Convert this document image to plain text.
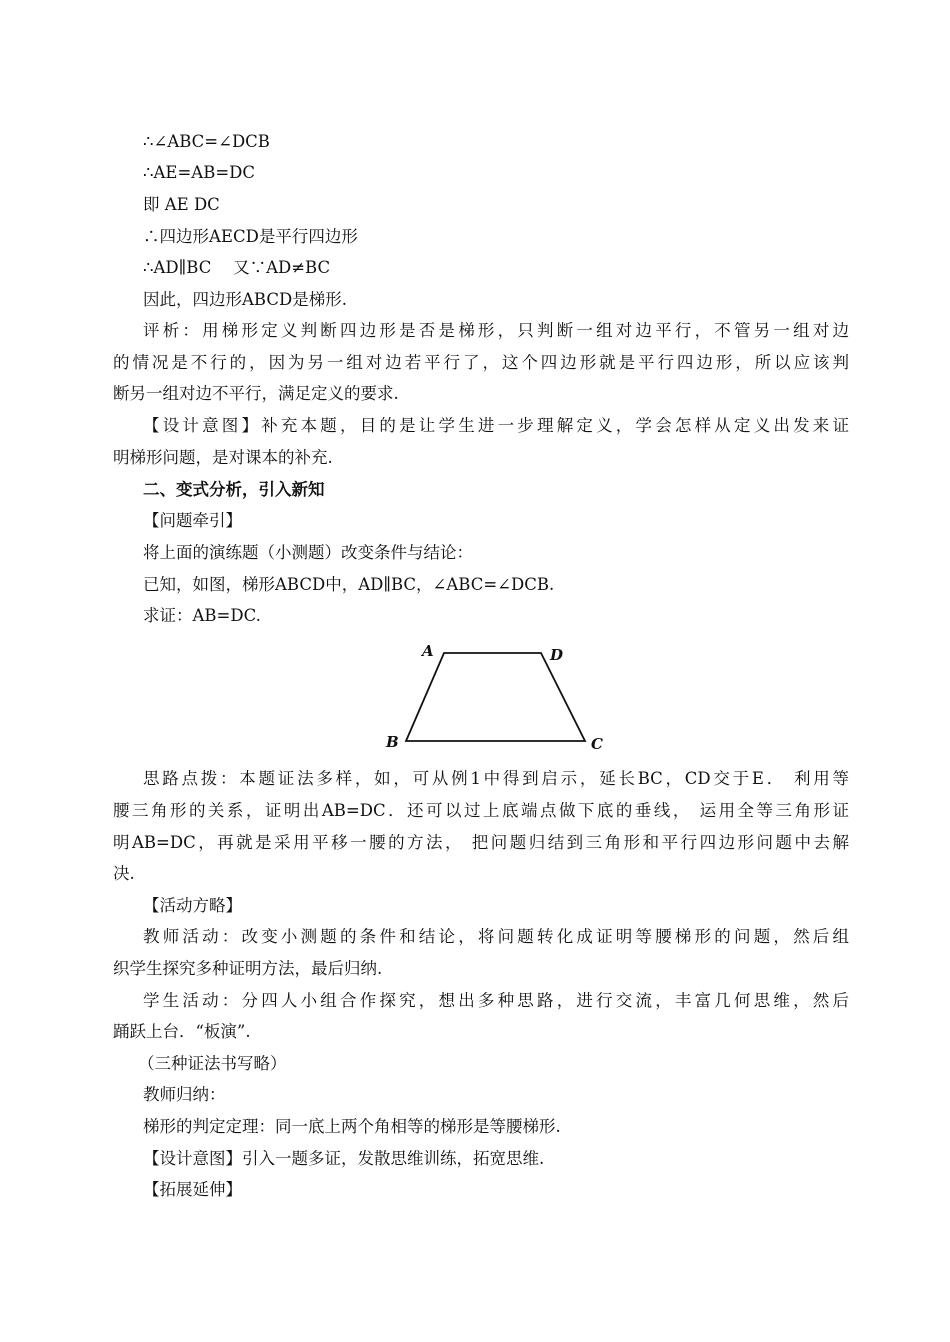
∴∠ABC=∠DCB
∴AE=AB=DC
即 AE DC
∴四边形AECD是平行四边形
∴AD∥BC　 又∵AD≠BC
因此，四边形ABCD是梯形.
评析：用梯形定义判断四边形是否是梯形，只判断一组对边平行，不管另一组对边
的情况是不行的，因为另一组对边若平行了，这个四边形就是平行四边形，所以应该判
断另一组对边不平行，满足定义的要求.
【设计意图】补充本题，目的是让学生进一步理解定义，学会怎样从定义出发来证
明梯形问题，是对课本的补充.
二、变式分析，引入新知
【问题牵引】
将上面的演练题（小测题）改变条件与结论：
已知，如图，梯形ABCD中，AD∥BC，∠ABC=∠DCB.
求证：AB=DC.
A	D
B	C
思路点拨：本题证法多样，如，可从例1中得到启示，延长BC，CD交于E． 利用等
腰三角形的关系，证明出AB=DC．还可以过上底端点做下底的垂线， 运用全等三角形证
明AB=DC，再就是采用平移一腰的方法， 把问题归结到三角形和平行四边形问题中去解
决.
【活动方略】
教师活动：改变小测题的条件和结论，将问题转化成证明等腰梯形的问题，然后组
织学生探究多种证明方法，最后归纳.
学生活动：分四人小组合作探究，想出多种思路，进行交流，丰富几何思维，然后
踊跃上台．“板演”.
（三种证法书写略）
教师归纳：
梯形的判定定理：同一底上两个角相等的梯形是等腰梯形.
【设计意图】引入一题多证，发散思维训练，拓宽思维.
【拓展延伸】
